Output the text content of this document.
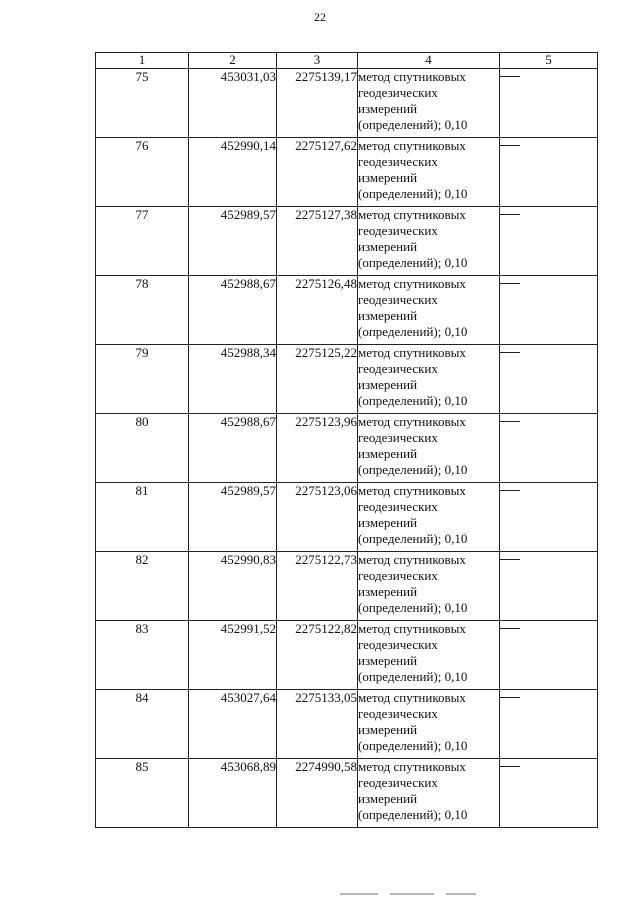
22
1	2	3	4	5
75	453031,03	2275139,17	метод спутниковых
геодезических
измерений
(определений); 0,10	

76	452990,14	2275127,62	метод спутниковых
геодезических
измерений
(определений); 0,10	

77	452989,57	2275127,38	метод спутниковых
геодезических
измерений
(определений); 0,10	

78	452988,67	2275126,48	метод спутниковых
геодезических
измерений
(определений); 0,10	

79	452988,34	2275125,22	метод спутниковых
геодезических
измерений
(определений); 0,10	

80	452988,67	2275123,96	метод спутниковых
геодезических
измерений
(определений); 0,10	

81	452989,57	2275123,06	метод спутниковых
геодезических
измерений
(определений); 0,10	

82	452990,83	2275122,73	метод спутниковых
геодезических
измерений
(определений); 0,10	

83	452991,52	2275122,82	метод спутниковых
геодезических
измерений
(определений); 0,10	

84	453027,64	2275133,05	метод спутниковых
геодезических
измерений
(определений); 0,10	

85	453068,89	2274990,58	метод спутниковых
геодезических
измерений
(определений); 0,10	
